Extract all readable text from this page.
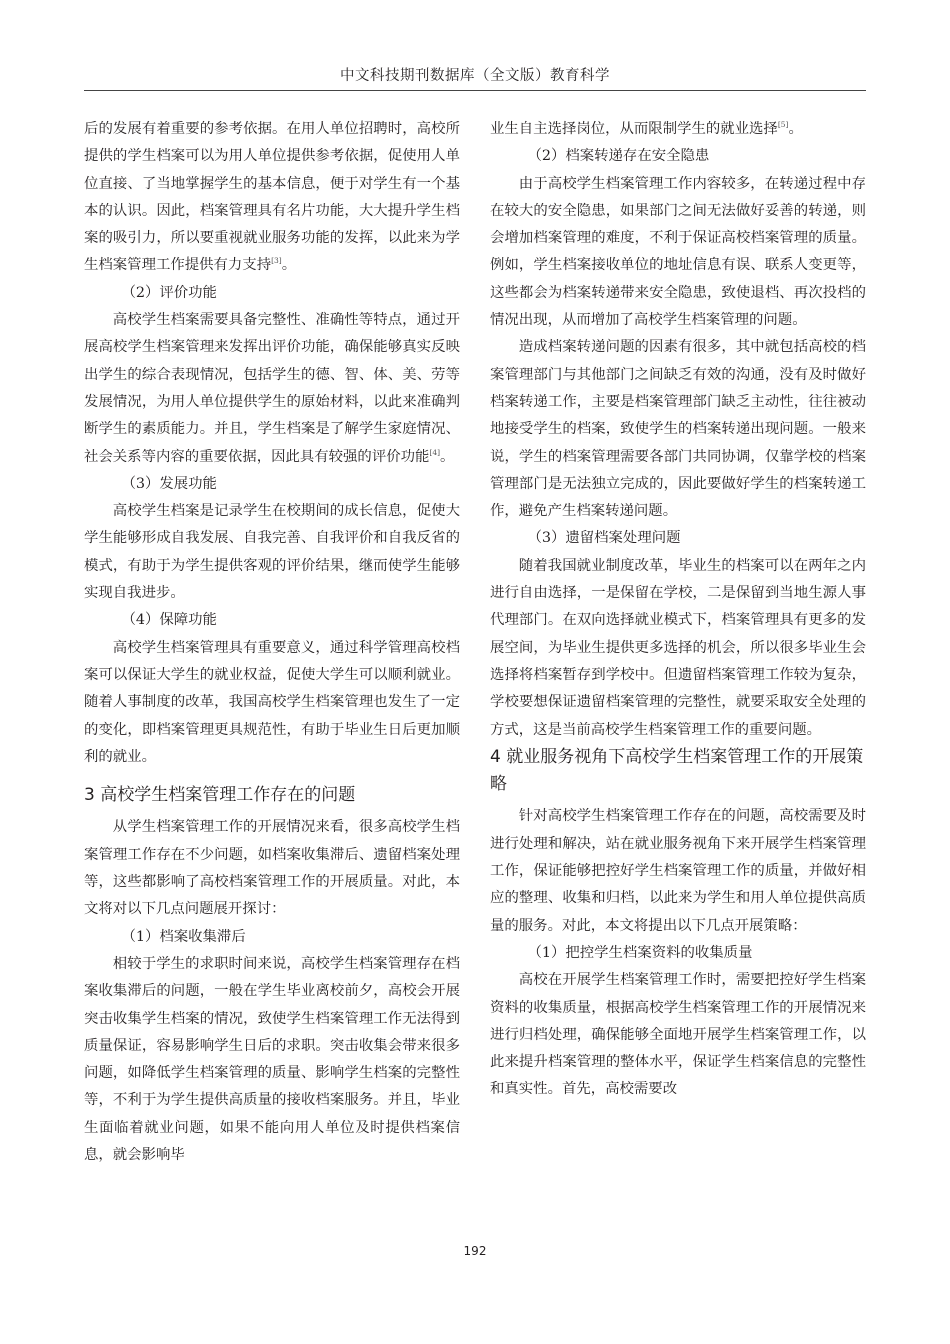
中文科技期刊数据库（全文版）教育科学

后的发展有着重要的参考依据。在用人单位招聘时，高校所提供的学生档案可以为用人单位提供参考依据，促使用人单位直接、了当地掌握学生的基本信息，便于对学生有一个基本的认识。因此，档案管理具有名片功能，大大提升学生档案的吸引力，所以要重视就业服务功能的发挥，以此来为学生档案管理工作提供有力支持[3]。

（2）评价功能

高校学生档案需要具备完整性、准确性等特点，通过开展高校学生档案管理来发挥出评价功能，确保能够真实反映出学生的综合表现情况，包括学生的德、智、体、美、劳等发展情况，为用人单位提供学生的原始材料，以此来准确判断学生的素质能力。并且，学生档案是了解学生家庭情况、社会关系等内容的重要依据，因此具有较强的评价功能[4]。

（3）发展功能

高校学生档案是记录学生在校期间的成长信息，促使大学生能够形成自我发展、自我完善、自我评价和自我反省的模式，有助于为学生提供客观的评价结果，继而使学生能够实现自我进步。

（4）保障功能

高校学生档案管理具有重要意义，通过科学管理高校档案可以保证大学生的就业权益，促使大学生可以顺利就业。随着人事制度的改革，我国高校学生档案管理也发生了一定的变化，即档案管理更具规范性，有助于毕业生日后更加顺利的就业。

3 高校学生档案管理工作存在的问题

从学生档案管理工作的开展情况来看，很多高校学生档案管理工作存在不少问题，如档案收集滞后、遗留档案处理等，这些都影响了高校档案管理工作的开展质量。对此，本文将对以下几点问题展开探讨：

（1）档案收集滞后

相较于学生的求职时间来说，高校学生档案管理存在档案收集滞后的问题，一般在学生毕业离校前夕，高校会开展突击收集学生档案的情况，致使学生档案管理工作无法得到质量保证，容易影响学生日后的求职。突击收集会带来很多问题，如降低学生档案管理的质量、影响学生档案的完整性等，不利于为学生提供高质量的接收档案服务。并且，毕业生面临着就业问题，如果不能向用人单位及时提供档案信息，就会影响毕

业生自主选择岗位，从而限制学生的就业选择[5]。

（2）档案转递存在安全隐患

由于高校学生档案管理工作内容较多，在转递过程中存在较大的安全隐患，如果部门之间无法做好妥善的转递，则会增加档案管理的难度，不利于保证高校档案管理的质量。例如，学生档案接收单位的地址信息有误、联系人变更等，这些都会为档案转递带来安全隐患，致使退档、再次投档的情况出现，从而增加了高校学生档案管理的问题。

造成档案转递问题的因素有很多，其中就包括高校的档案管理部门与其他部门之间缺乏有效的沟通，没有及时做好档案转递工作，主要是档案管理部门缺乏主动性，往往被动地接受学生的档案，致使学生的档案转递出现问题。一般来说，学生的档案管理需要各部门共同协调，仅靠学校的档案管理部门是无法独立完成的，因此要做好学生的档案转递工作，避免产生档案转递问题。

（3）遗留档案处理问题

随着我国就业制度改革，毕业生的档案可以在两年之内进行自由选择，一是保留在学校，二是保留到当地生源人事代理部门。在双向选择就业模式下，档案管理具有更多的发展空间，为毕业生提供更多选择的机会，所以很多毕业生会选择将档案暂存到学校中。但遗留档案管理工作较为复杂，学校要想保证遗留档案管理的完整性，就要采取安全处理的方式，这是当前高校学生档案管理工作的重要问题。

4 就业服务视角下高校学生档案管理工作的开展策略

针对高校学生档案管理工作存在的问题，高校需要及时进行处理和解决，站在就业服务视角下来开展学生档案管理工作，保证能够把控好学生档案管理工作的质量，并做好相应的整理、收集和归档，以此来为学生和用人单位提供高质量的服务。对此，本文将提出以下几点开展策略：

（1）把控学生档案资料的收集质量

高校在开展学生档案管理工作时，需要把控好学生档案资料的收集质量，根据高校学生档案管理工作的开展情况来进行归档处理，确保能够全面地开展学生档案管理工作，以此来提升档案管理的整体水平，保证学生档案信息的完整性和真实性。首先，高校需要改

192
